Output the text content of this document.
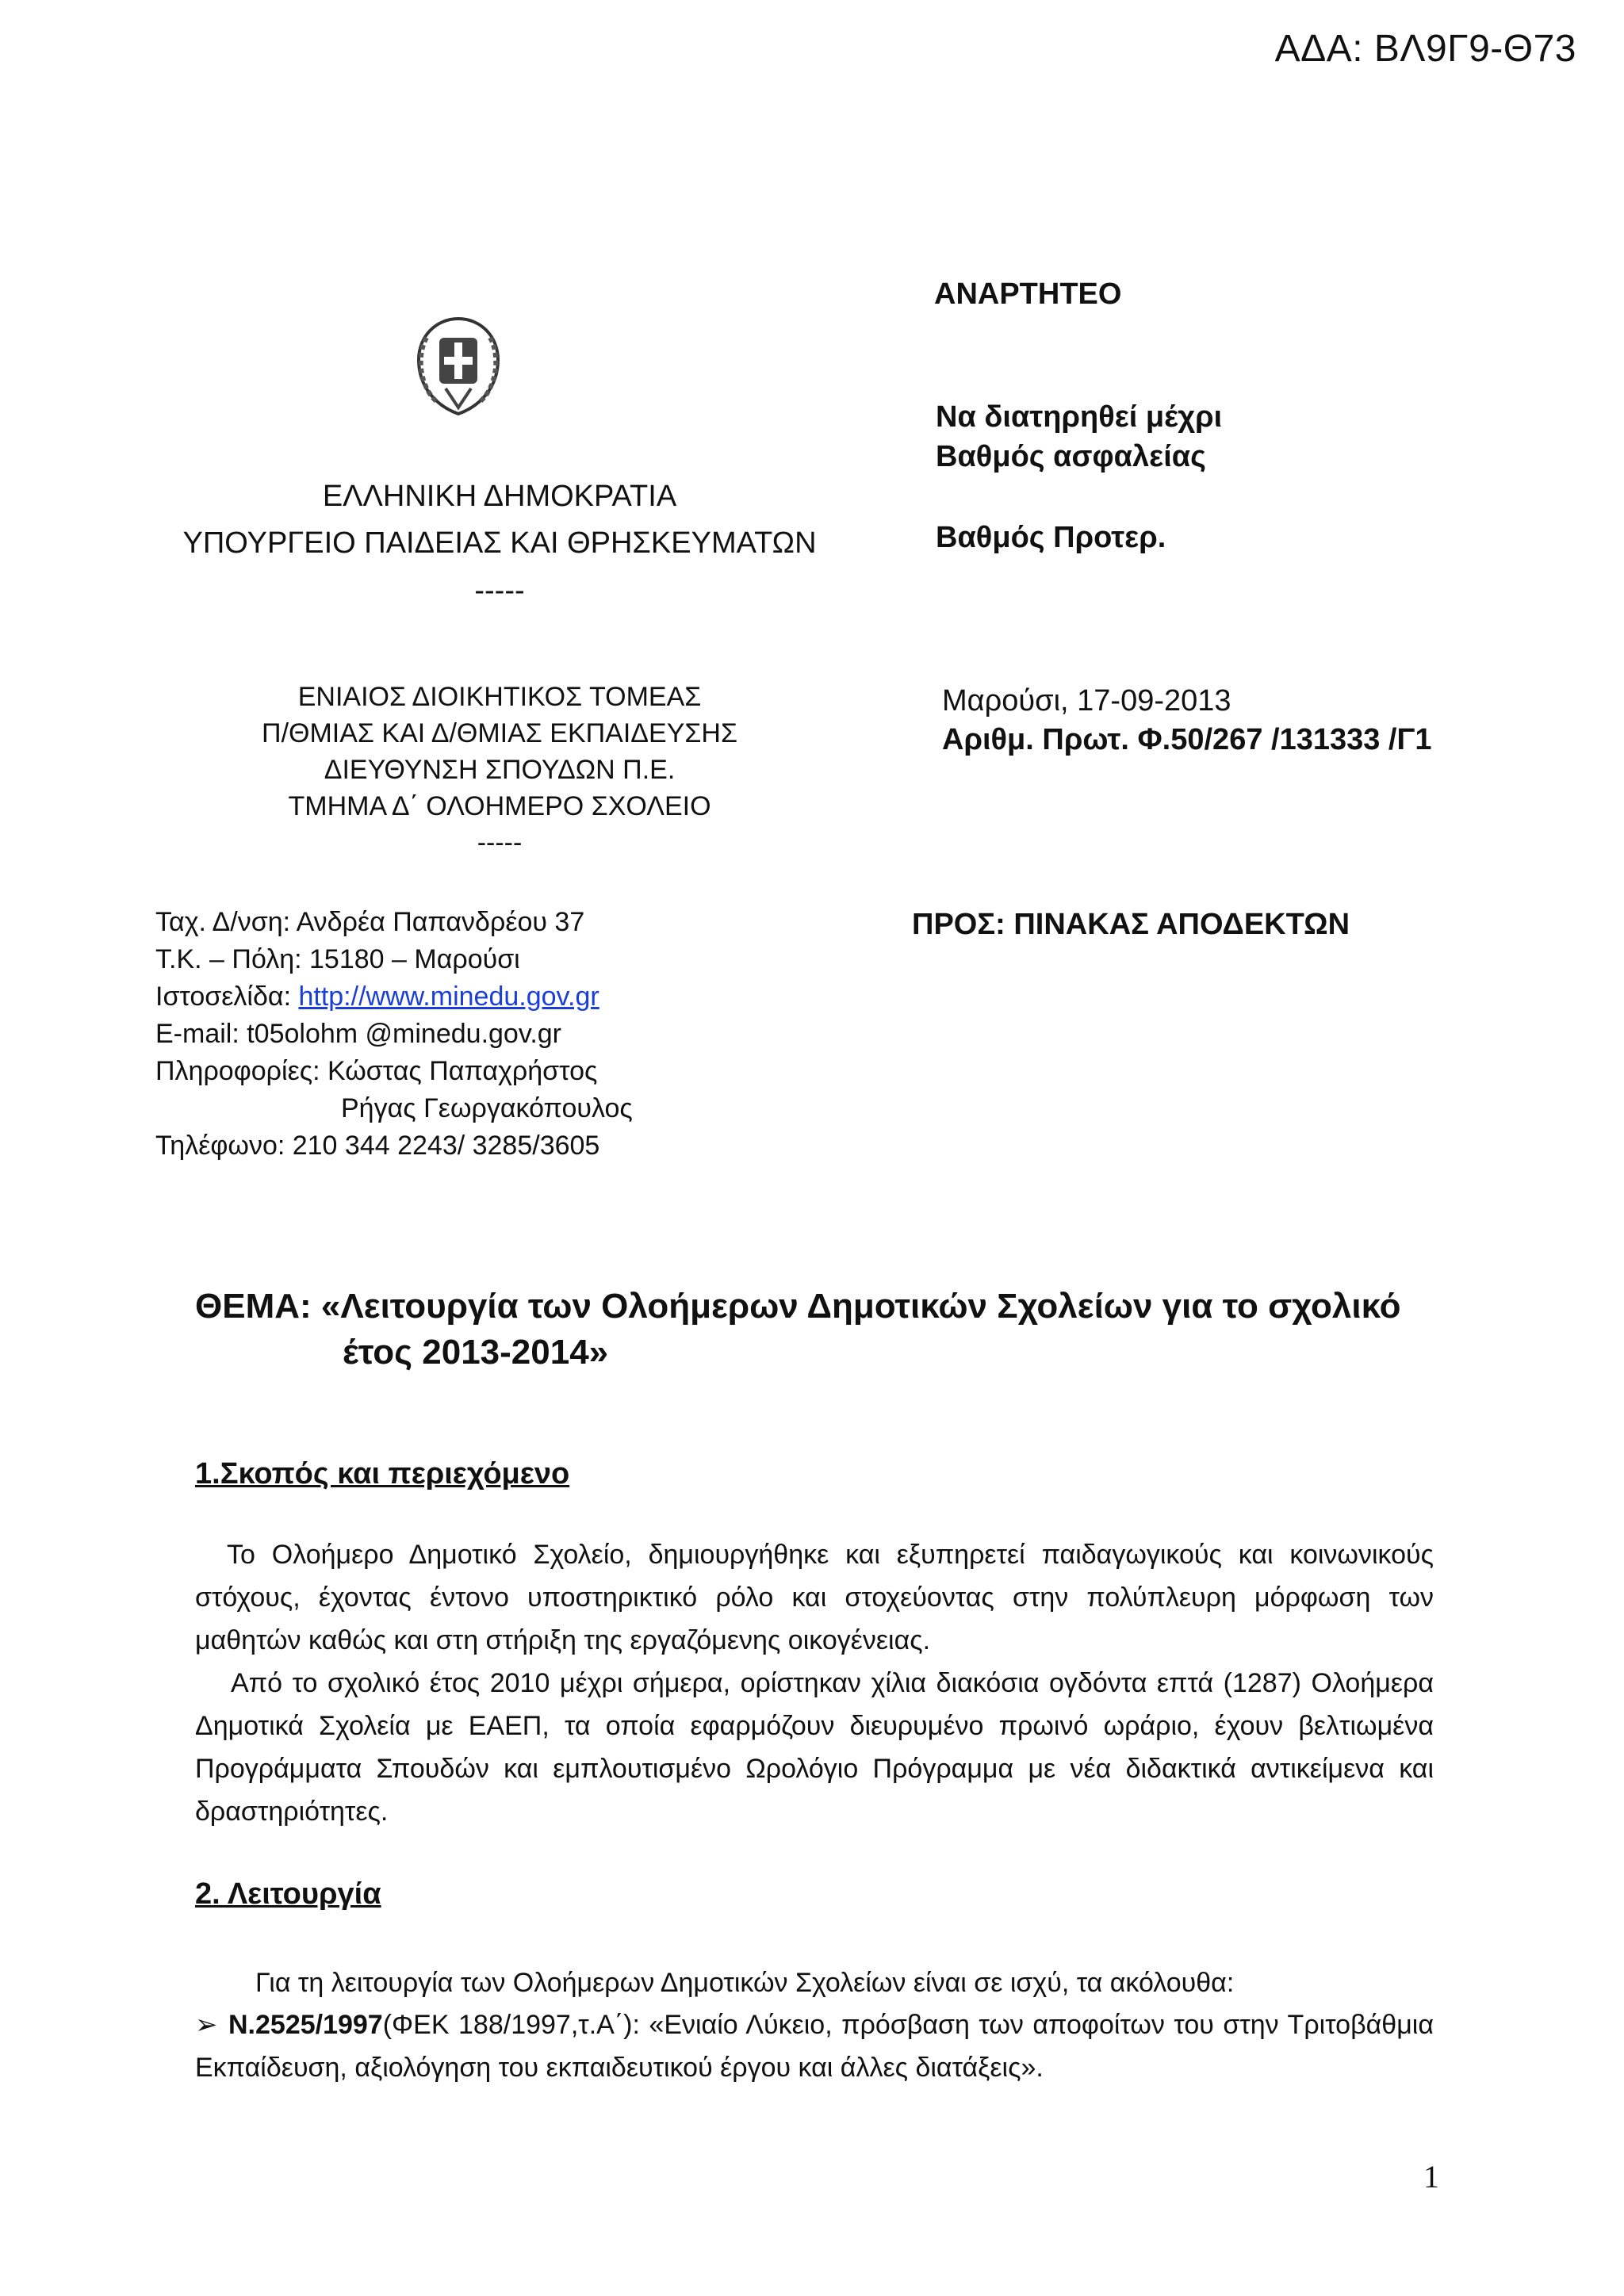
ΑΔΑ: ΒΛ9Γ9-Θ73
ΕΛΛΗΝΙΚΗ ΔΗΜΟΚΡΑΤΙΑ
ΥΠΟΥΡΓΕΙΟ ΠΑΙΔΕΙΑΣ ΚΑΙ ΘΡΗΣΚΕΥΜΑΤΩΝ
-----
ΕΝΙΑΙΟΣ ΔΙΟΙΚΗΤΙΚΟΣ ΤΟΜΕΑΣ
Π/ΘΜΙΑΣ ΚΑΙ Δ/ΘΜΙΑΣ ΕΚΠΑΙΔΕΥΣΗΣ
ΔΙΕΥΘΥΝΣΗ ΣΠΟΥΔΩΝ Π.Ε.
ΤΜΗΜΑ Δ΄ ΟΛΟΗΜΕΡΟ ΣΧΟΛΕΙΟ
-----
ΑΝΑΡΤΗΤΕΟ
Να διατηρηθεί μέχρι
Βαθμός ασφαλείας
Βαθμός Προτερ.
Μαρούσι, 17-09-2013
Αριθμ. Πρωτ. Φ.50/267 /131333 /Γ1
ΠΡΟΣ: ΠΙΝΑΚΑΣ ΑΠΟΔΕΚΤΩΝ
Ταχ. Δ/νση: Ανδρέα Παπανδρέου 37
Τ.Κ. – Πόλη: 15180 – Μαρούσι
Ιστοσελίδα: http://www.minedu.gov.gr
E-mail: t05olohm @minedu.gov.gr
Πληροφορίες: Κώστας Παπαχρήστος
Ρήγας Γεωργακόπουλος
Τηλέφωνο: 210 344 2243/ 3285/3605
ΘΕΜΑ: «Λειτουργία των Ολοήμερων Δημοτικών Σχολείων για το σχολικό
έτος 2013-2014»
1.Σκοπός και περιεχόμενο

Το Ολοήμερο Δημοτικό Σχολείο, δημιουργήθηκε και εξυπηρετεί παιδαγωγικούς και κοινωνικούς στόχους, έχοντας έντονο υποστηρικτικό ρόλο και στοχεύοντας στην πολύπλευρη μόρφωση των μαθητών καθώς και στη στήριξη της εργαζόμενης οικογένειας.

Από το σχολικό έτος 2010 μέχρι σήμερα, ορίστηκαν χίλια διακόσια ογδόντα επτά (1287) Ολοήμερα Δημοτικά Σχολεία με ΕΑΕΠ, τα οποία εφαρμόζουν διευρυμένο πρωινό ωράριο, έχουν βελτιωμένα Προγράμματα Σπουδών και εμπλουτισμένο Ωρολόγιο Πρόγραμμα με νέα διδακτικά αντικείμενα και δραστηριότητες.

2. Λειτουργία
Για τη λειτουργία των Ολοήμερων Δημοτικών Σχολείων είναι σε ισχύ, τα ακόλουθα:

➢ Ν.2525/1997(ΦΕΚ 188/1997,τ.Α΄): «Ενιαίο Λύκειο, πρόσβαση των αποφοίτων του στην Τριτοβάθμια Εκπαίδευση, αξιολόγηση του εκπαιδευτικού έργου και άλλες διατάξεις».

1
